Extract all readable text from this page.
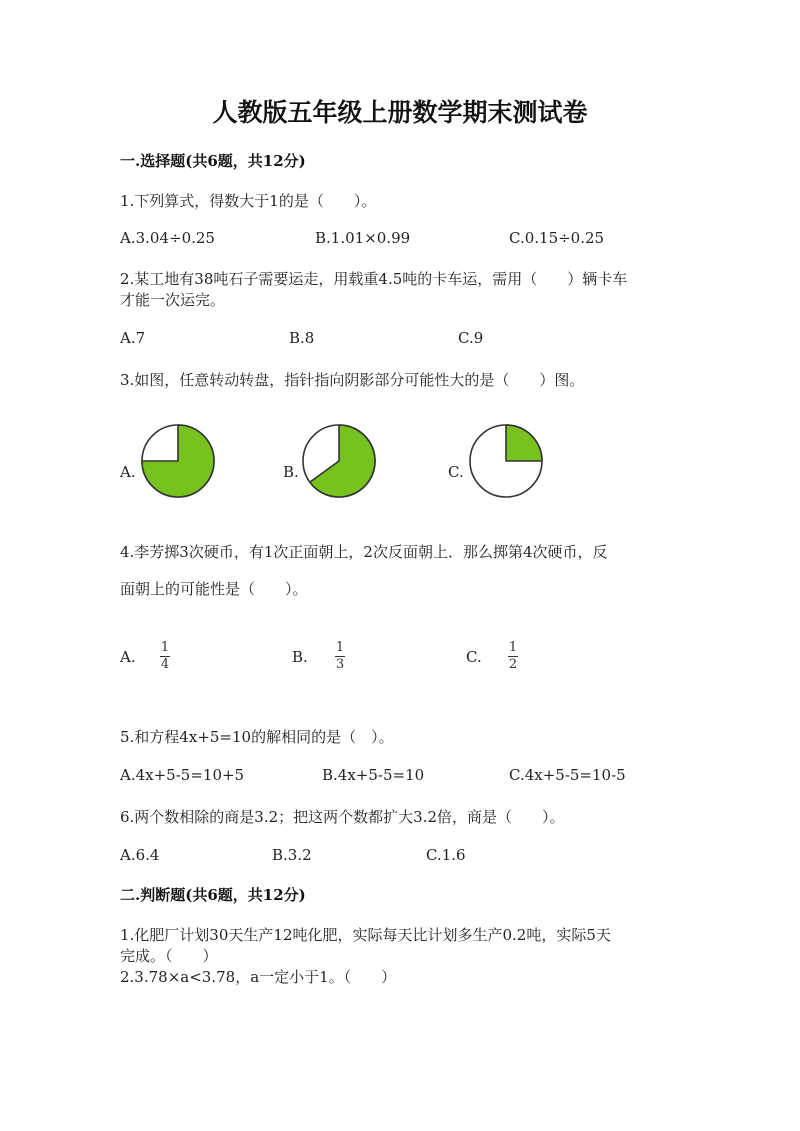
人教版五年级上册数学期末测试卷
一.选择题(共6题，共12分)
1.下列算式，得数大于1的是（　　）。
A.3.04÷0.25	B.1.01×0.99	C.0.15÷0.25
2.某工地有38吨石子需要运走，用载重4.5吨的卡车运，需用（　　）辆卡车
才能一次运完。
A.7	B.8	C.9
3.如图，任意转动转盘，指针指向阴影部分可能性大的是（　　）图。
A.	B.	C.
4.李芳掷3次硬币，有1次正面朝上，2次反面朝上．那么掷第4次硬币，反
面朝上的可能性是（　　）。
A.	B.	C.
1
4
1
3
1
2
5.和方程4x+5=10的解相同的是（　）。
A.4x+5-5=10+5	B.4x+5-5=10	C.4x+5-5=10-5
6.两个数相除的商是3.2；把这两个数都扩大3.2倍，商是（　　）。
A.6.4	B.3.2	C.1.6
二.判断题(共6题，共12分)
1.化肥厂计划30天生产12吨化肥，实际每天比计划多生产0.2吨，实际5天
完成。（　　）
2.3.78×a<3.78，a一定小于1。（　　）
